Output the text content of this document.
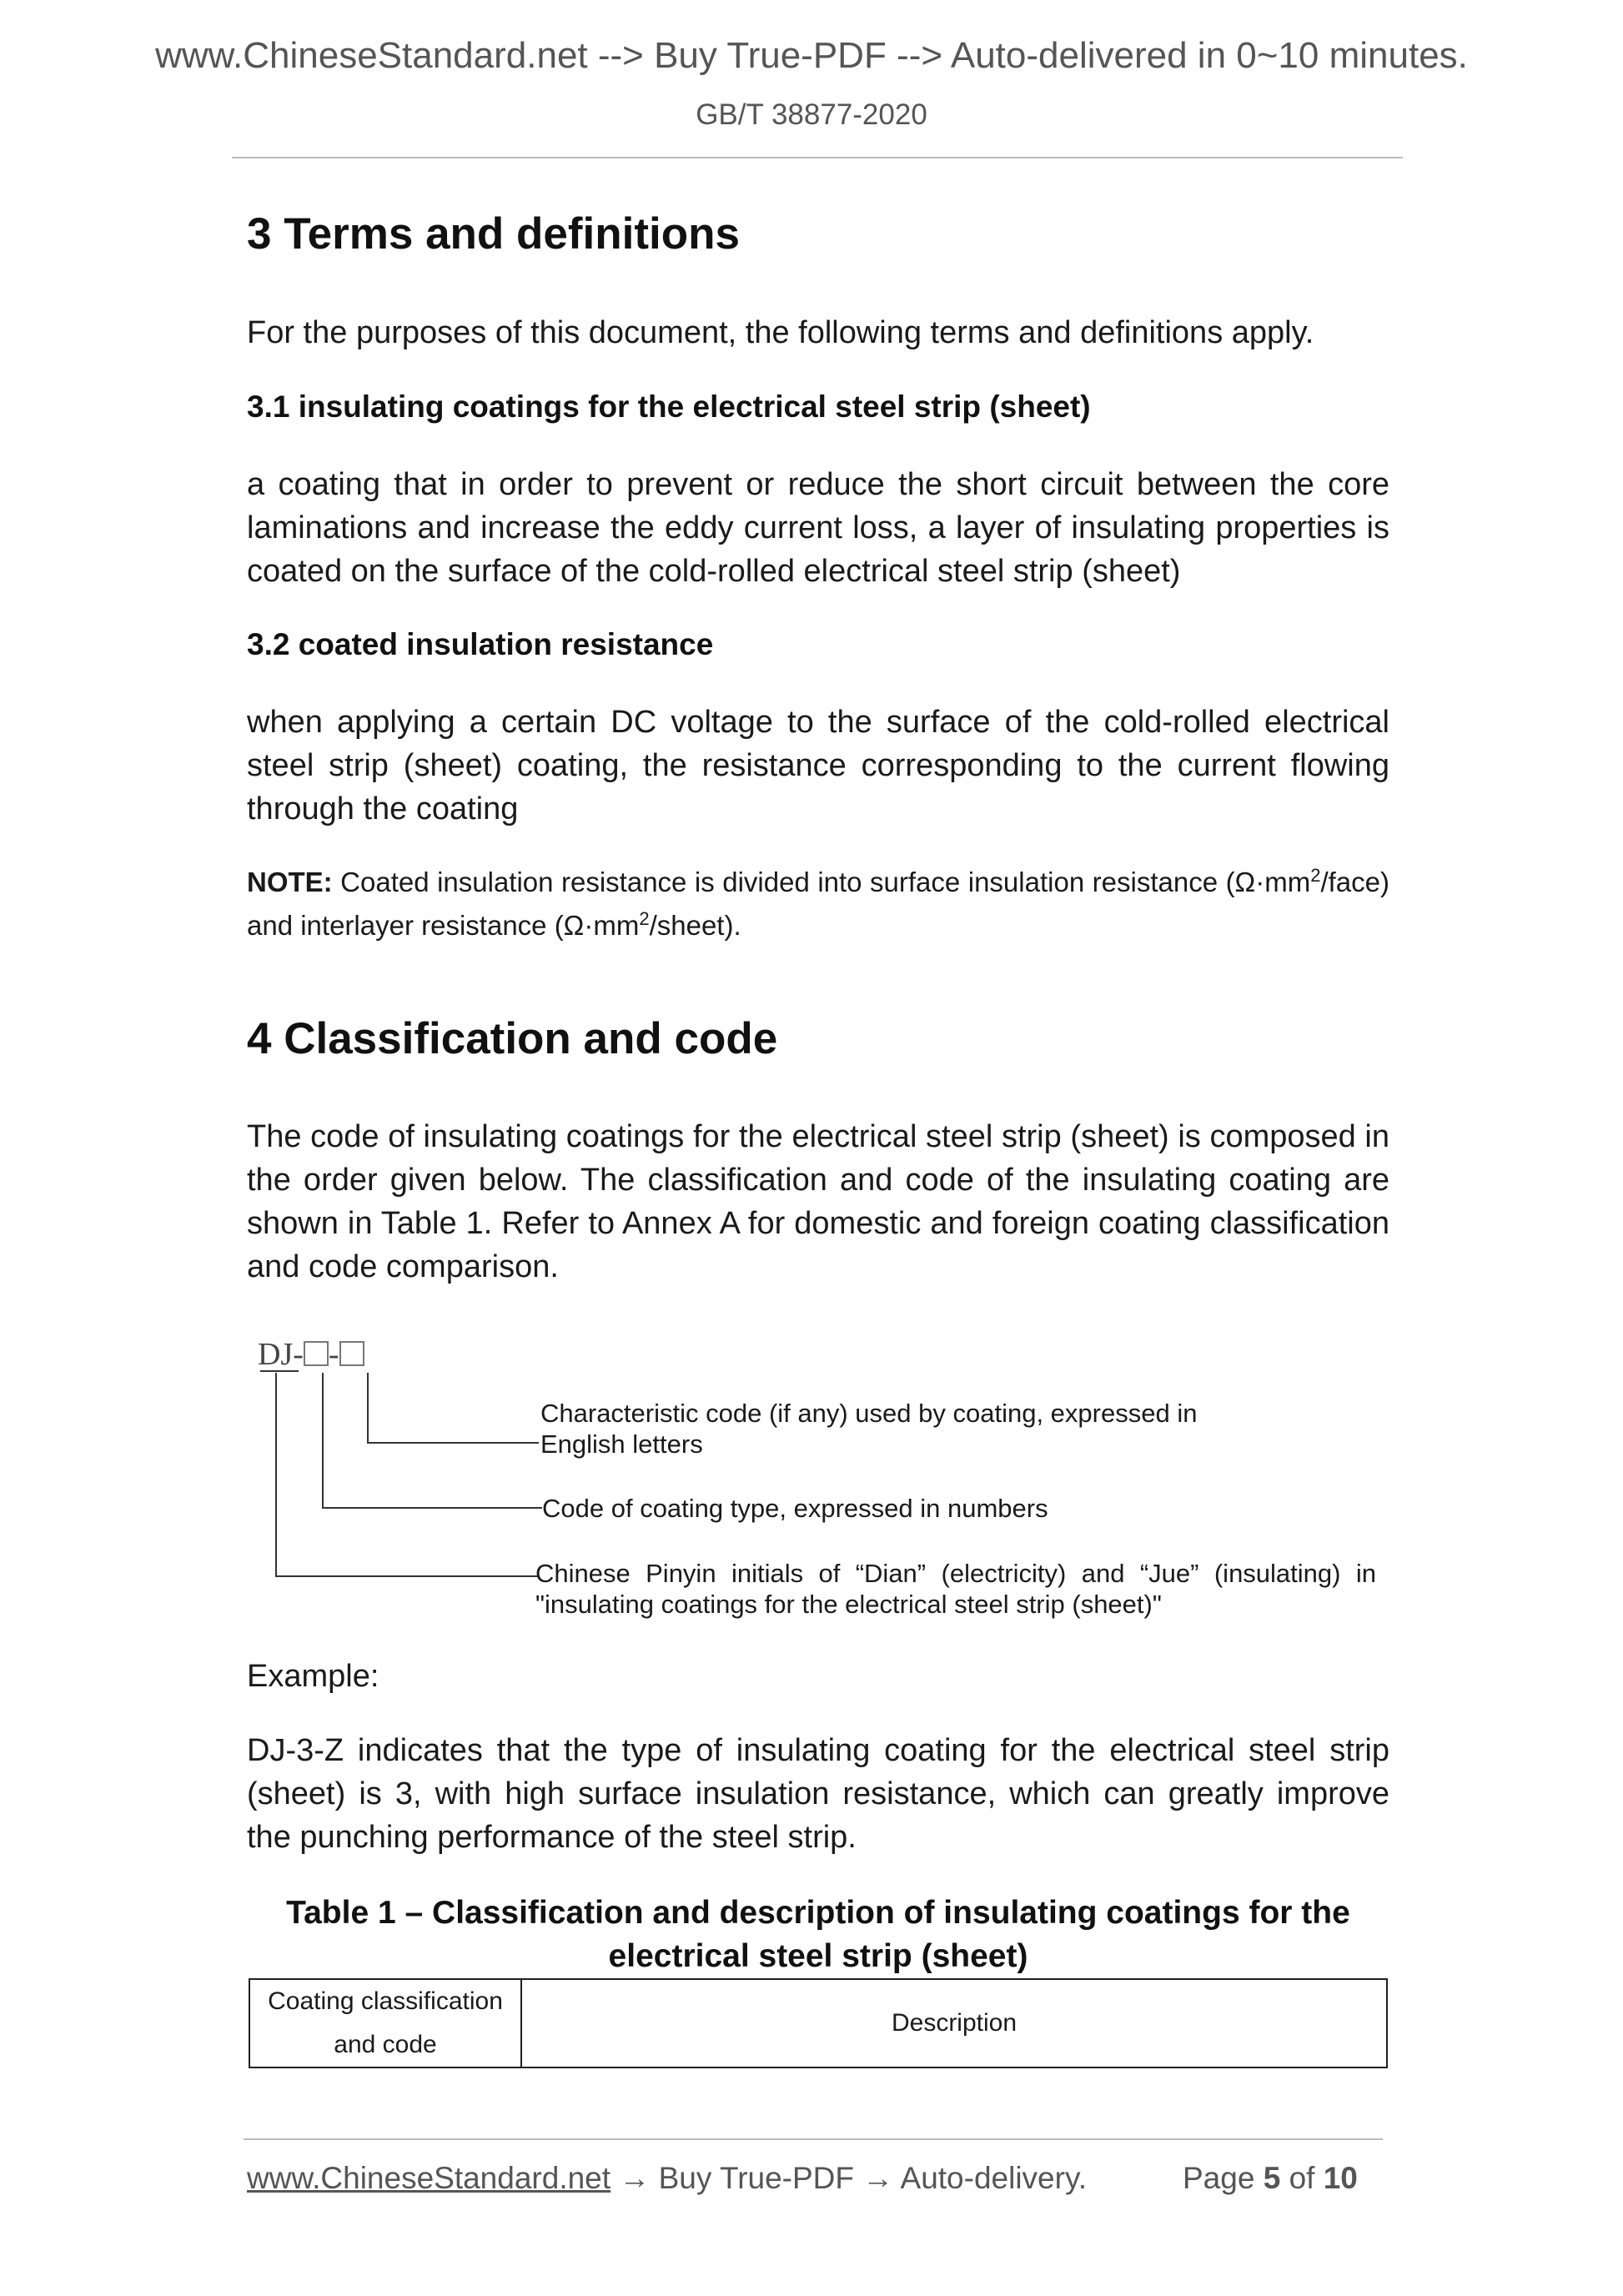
www.ChineseStandard.net --> Buy True-PDF --> Auto-delivered in 0~10 minutes.
GB/T 38877-2020
3 Terms and definitions
For the purposes of this document, the following terms and definitions apply.
3.1 insulating coatings for the electrical steel strip (sheet)
a coating that in order to prevent or reduce the short circuit between the core laminations and increase the eddy current loss, a layer of insulating properties is coated on the surface of the cold-rolled electrical steel strip (sheet)
3.2 coated insulation resistance
when applying a certain DC voltage to the surface of the cold-rolled electrical steel strip (sheet) coating, the resistance corresponding to the current flowing through the coating
NOTE: Coated insulation resistance is divided into surface insulation resistance $(\Omega\cdot mm^2/face)$ and interlayer resistance $(\Omega\cdot mm^2/sheet)$.
4 Classification and code
The code of insulating coatings for the electrical steel strip (sheet) is composed in the order given below. The classification and code of the insulating coating are shown in Table 1. Refer to Annex A for domestic and foreign coating classification and code comparison.
DJ- -
Characteristic code (if any) used by coating, expressed in English letters
Code of coating type, expressed in numbers
Chinese Pinyin initials of “Dian” (electricity) and “Jue” (insulating) in "insulating coatings for the electrical steel strip (sheet)"
Example:
DJ-3-Z indicates that the type of insulating coating for the electrical steel strip (sheet) is 3, with high surface insulation resistance, which can greatly improve the punching performance of the steel strip.
Table 1 – Classification and description of insulating coatings for the electrical steel strip (sheet)
Coating classification and code	Description
www.ChineseStandard.net → Buy True-PDF → Auto-delivery.	Page 5 of 10
